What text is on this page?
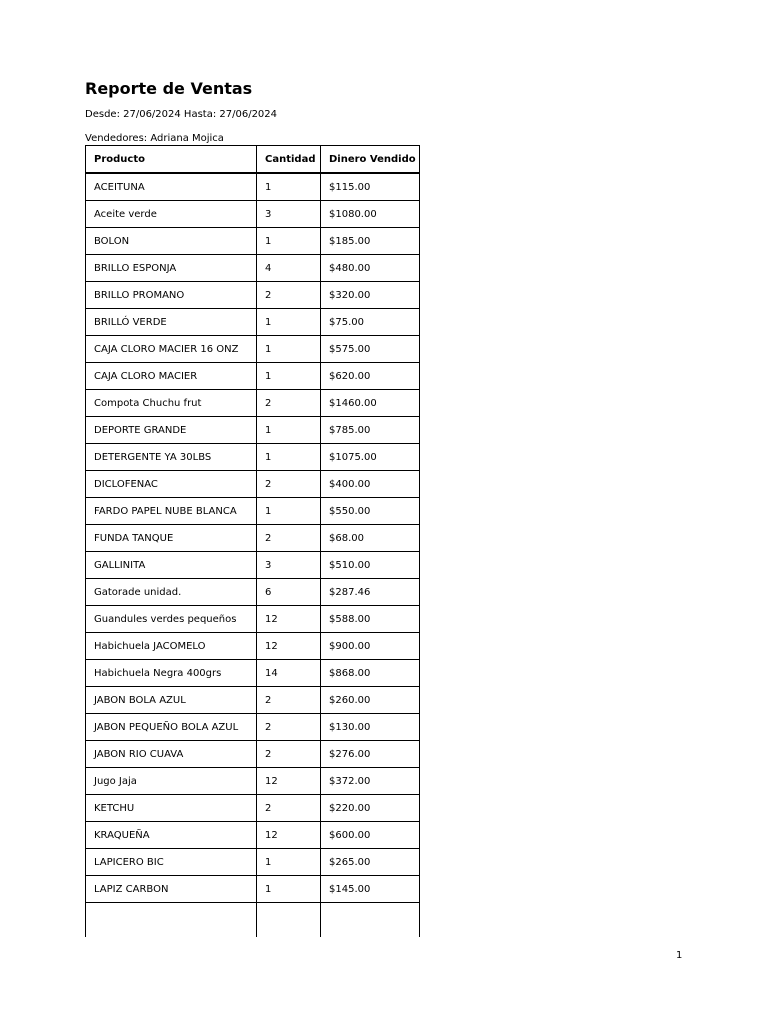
Reporte de Ventas
Desde: 27/06/2024 Hasta: 27/06/2024
Vendedores: Adriana Mojica
Producto	Cantidad	Dinero Vendido
ACEITUNA	1	$115.00
Aceite verde	3	$1080.00
BOLON	1	$185.00
BRILLO ESPONJA	4	$480.00
BRILLO PROMANO	2	$320.00
BRILLÓ VERDE	1	$75.00
CAJA CLORO MACIER 16 ONZ	1	$575.00
CAJA CLORO MACIER	1	$620.00
Compota Chuchu frut	2	$1460.00
DEPORTE GRANDE	1	$785.00
DETERGENTE YA 30LBS	1	$1075.00
DICLOFENAC	2	$400.00
FARDO PAPEL NUBE BLANCA	1	$550.00
FUNDA TANQUE	2	$68.00
GALLINITA	3	$510.00
Gatorade unidad.	6	$287.46
Guandules verdes pequeños	12	$588.00
Habichuela JACOMELO	12	$900.00
Habichuela Negra 400grs	14	$868.00
JABON BOLA AZUL	2	$260.00
JABON PEQUEÑO BOLA AZUL	2	$130.00
JABON RIO CUAVA	2	$276.00
Jugo Jaja	12	$372.00
KETCHU	2	$220.00
KRAQUEÑA	12	$600.00
LAPICERO BIC	1	$265.00
LAPIZ CARBON	1	$145.00

1
